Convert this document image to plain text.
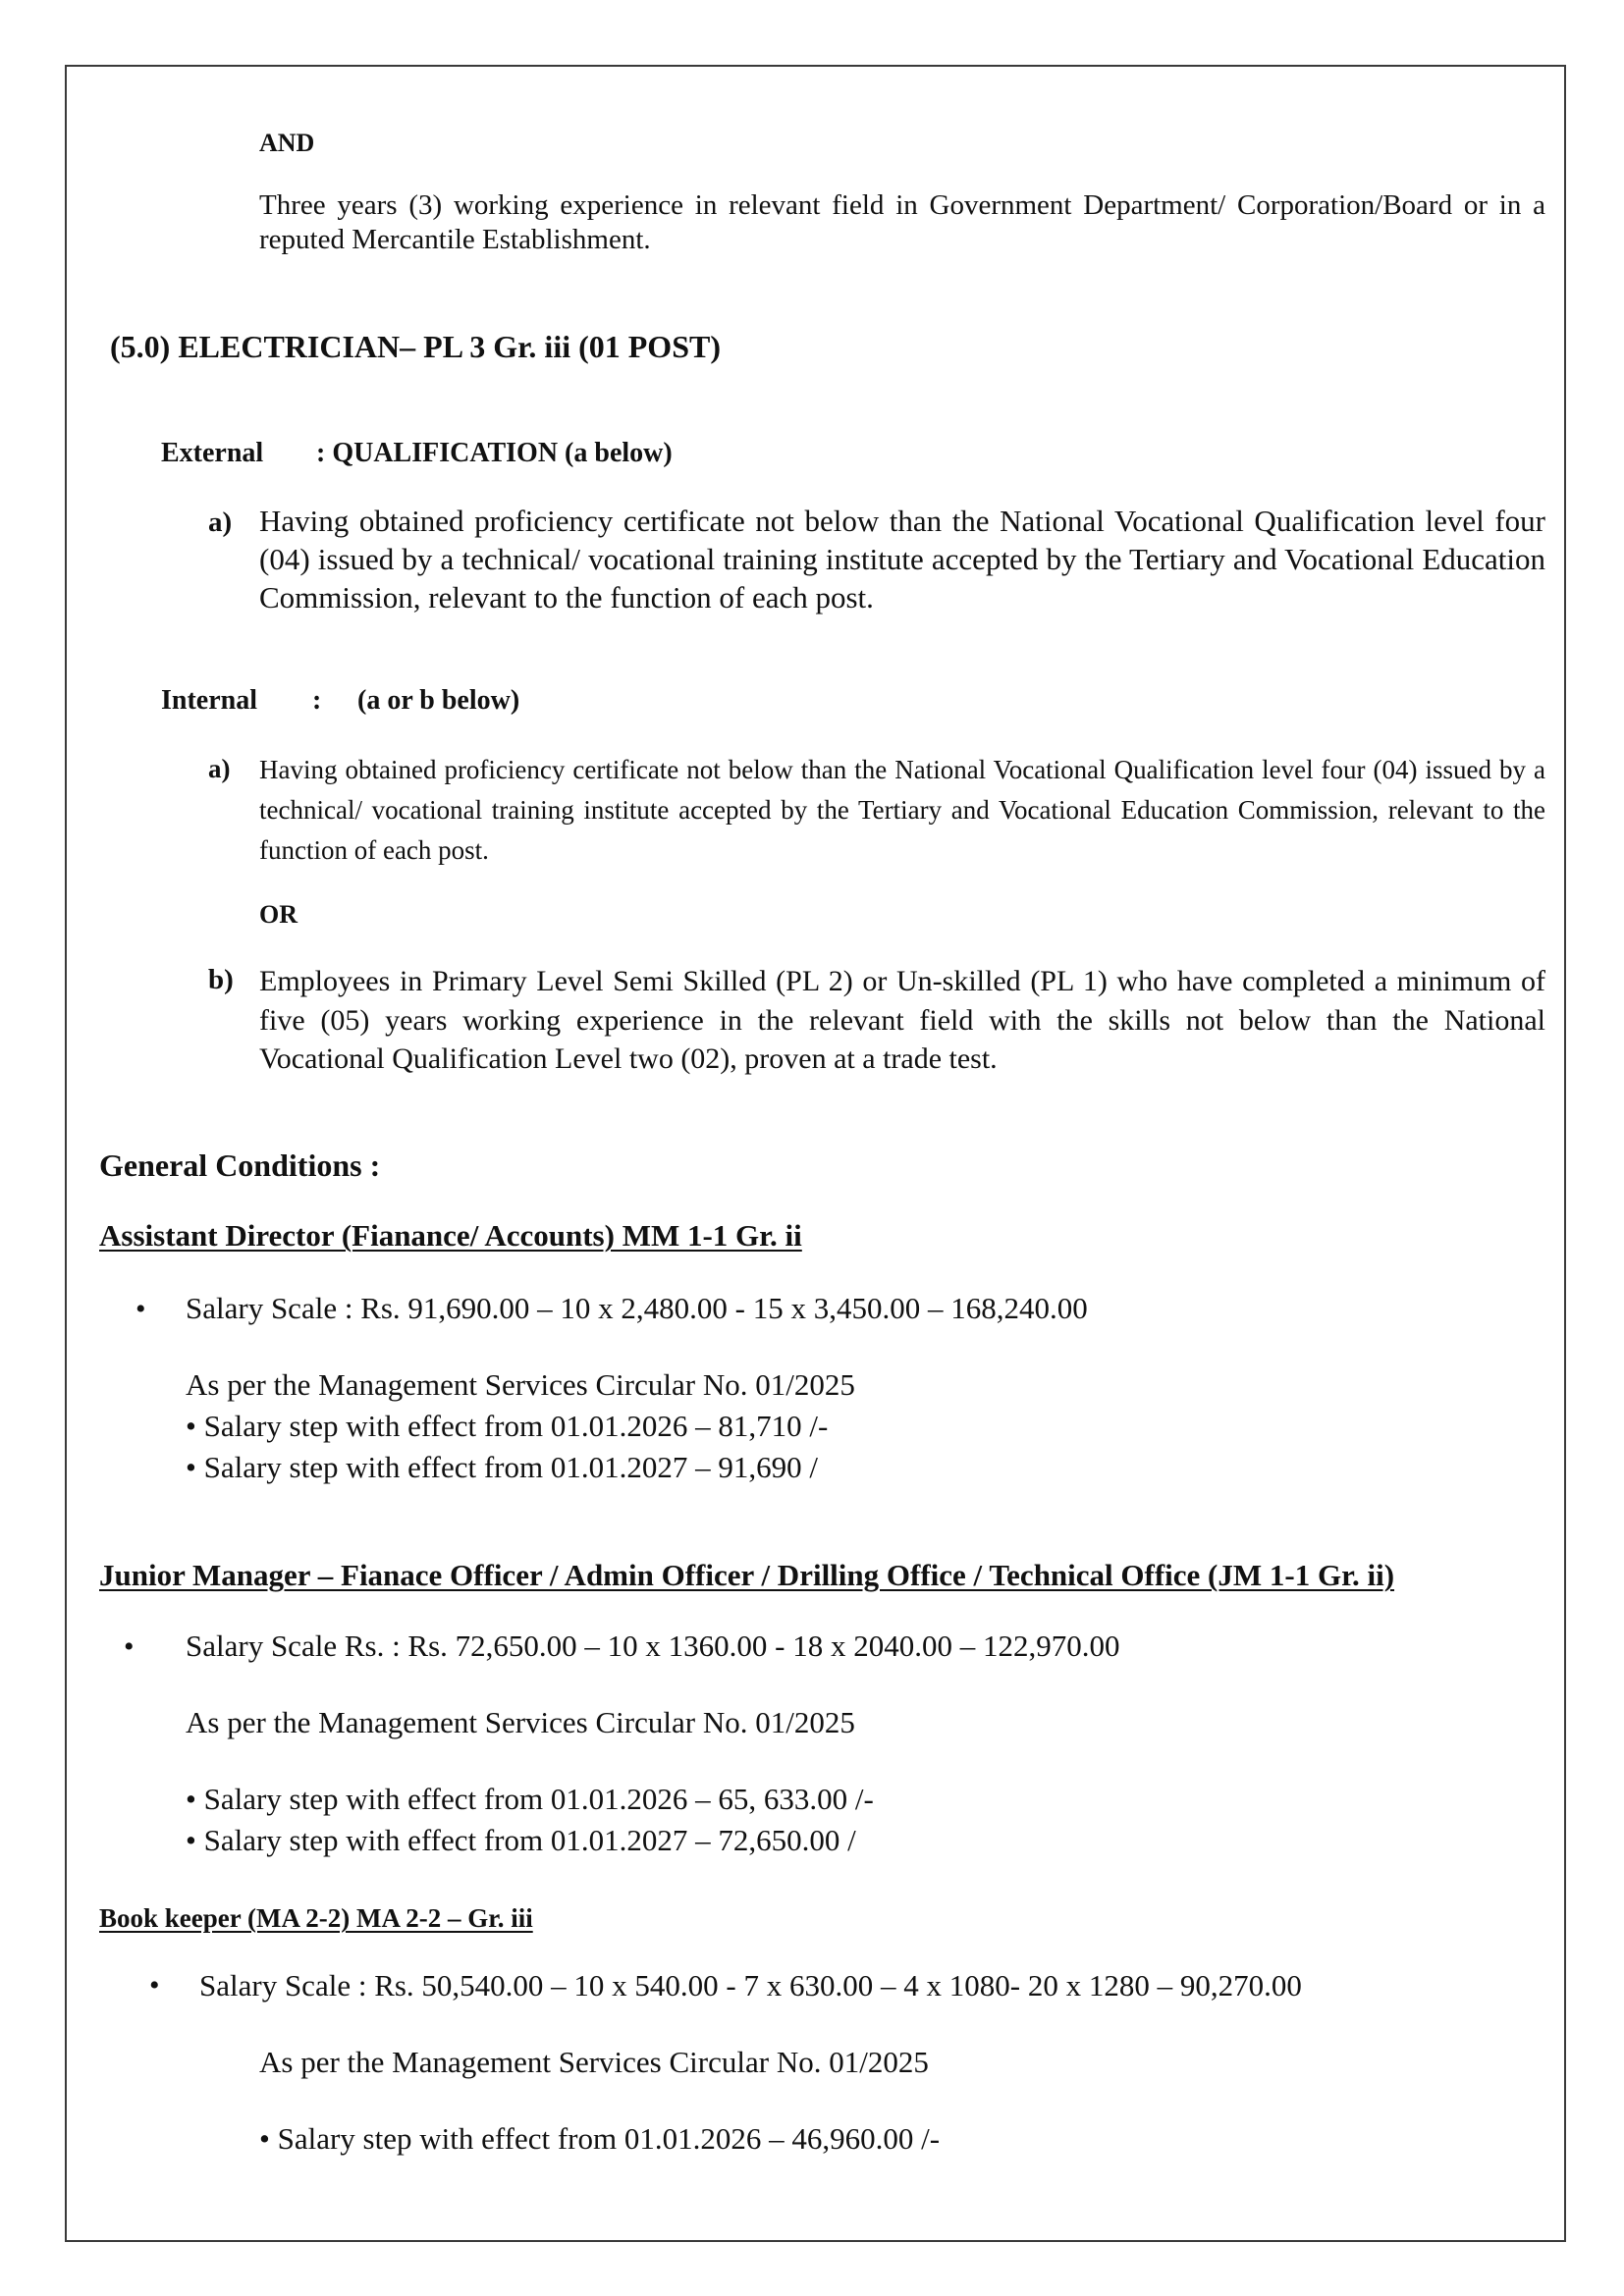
AND
Three years (3) working experience in relevant field in Government Department/ Corporation/Board or in a reputed Mercantile Establishment.
(5.0) ELECTRICIAN– PL 3 Gr. iii (01 POST)
External : QUALIFICATION (a below)
a) Having obtained proficiency certificate not below than the National Vocational Qualification level four (04) issued by a technical/ vocational training institute accepted by the Tertiary and Vocational Education Commission, relevant to the function of each post.
Internal : (a or b below)
a) Having obtained proficiency certificate not below than the National Vocational Qualification level four (04) issued by a technical/ vocational training institute accepted by the Tertiary and Vocational Education Commission, relevant to the function of each post.
OR
b) Employees in Primary Level Semi Skilled (PL 2) or Un-skilled (PL 1) who have completed a minimum of five (05) years working experience in the relevant field with the skills not below than the National Vocational Qualification Level two (02), proven at a trade test.
General Conditions :
Assistant Director (Fianance/ Accounts) MM 1-1 Gr. ii
• Salary Scale : Rs. 91,690.00 – 10 x 2,480.00 - 15 x 3,450.00 – 168,240.00
As per the Management Services Circular No. 01/2025
• Salary step with effect from 01.01.2026 – 81,710 /-
• Salary step with effect from 01.01.2027 – 91,690 /
Junior Manager – Fianace Officer / Admin Officer / Drilling Office / Technical Office (JM 1-1 Gr. ii)
• Salary Scale Rs. : Rs. 72,650.00 – 10 x 1360.00 - 18 x 2040.00 – 122,970.00
As per the Management Services Circular No. 01/2025
• Salary step with effect from 01.01.2026 – 65, 633.00 /-
• Salary step with effect from 01.01.2027 – 72,650.00 /
Book keeper (MA 2-2) MA 2-2 – Gr. iii
• Salary Scale : Rs. 50,540.00 – 10 x 540.00 - 7 x 630.00 – 4 x 1080- 20 x 1280 – 90,270.00
As per the Management Services Circular No. 01/2025
• Salary step with effect from 01.01.2026 – 46,960.00 /-
